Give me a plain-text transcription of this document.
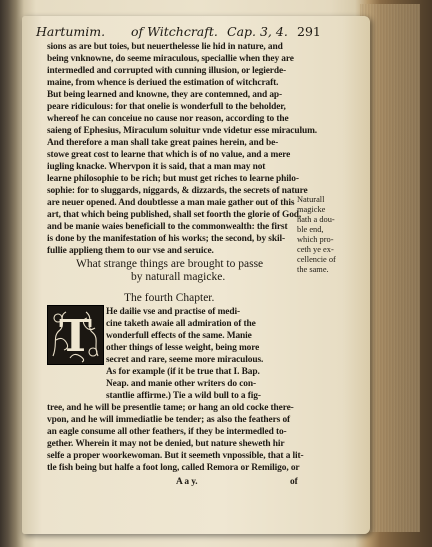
Hartumim. of Witchcraft. Cap. 3, 4. 291
sions as are but toies, but neuerthelesse lie hid in nature, and
being vnknowne, do seeme miraculous, speciallie when they are
intermedled and corrupted with cunning illusion, or legierde-
maine, from whence is deriued the estimation of witchcraft.
But being learned and knowne, they are contemned, and ap-
peare ridiculous: for that onelie is wonderfull to the beholder,
whereof he can conceiue no cause nor reason, according to the
saieng of Ephesius, Miraculum soluitur vnde videtur esse miraculum.
And therefore a man shall take great paines herein, and be-
stowe great cost to learne that which is of no value, and a mere
iugling knacke. Whervpon it is said, that a man may not
learne philosophie to be rich; but must get riches to learne philo-
sophie: for to sluggards, niggards, & dizzards, the secrets of nature
are neuer opened. And doubtlesse a man maie gather out of this
art, that which being published, shall set foorth the glorie of God,
and be manie waies beneficiall to the commonwealth: the first
is done by the manifestation of his works; the second, by skil-
fullie applieng them to our vse and seruice.
Naturall
magicke
hath a dou-
ble end,
which pro-
ceth ye ex-
cellencie of
the same.
What strange things are brought to passe
by naturall magicke.
The fourth Chapter.
T He dailie vse and practise of medi-
cine taketh awaie all admiration of the
wonderfull effects of the same. Manie
other things of lesse weight, being more
secret and rare, seeme more miraculous.
As for example (if it be true that I. Bap.
Neap. and manie other writers do con-
stantlie affirme.) Tie a wild bull to a fig-
tree, and he will be presentlie tame; or hang an old cocke there-
vpon, and he will immediatlie be tender; as also the feathers of
an eagle consume all other feathers, if they be intermedled to-
gether. Wherein it may not be denied, but nature sheweth hir
selfe a proper woorkewoman. But it seemeth vnpossible, that a lit-
tle fish being but halfe a foot long, called Remora or Remiligo, or
A a y.	of
